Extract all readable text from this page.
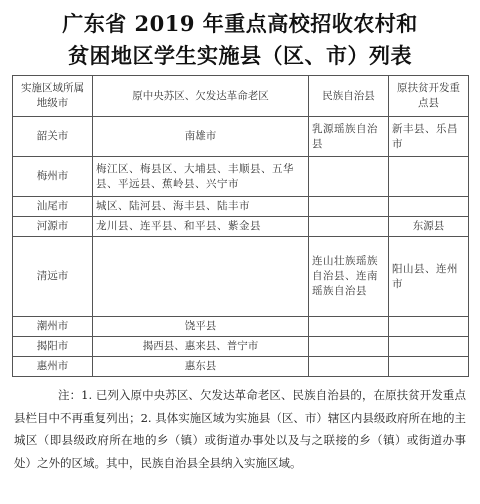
广东省 2019 年重点高校招收农村和
贫困地区学生实施县（区、市）列表
实施区域所属地级市	原中央苏区、欠发达革命老区	民族自治县	原扶贫开发重点县
韶关市	南雄市	乳源瑶族自治县	新丰县、乐昌市
梅州市	梅江区、梅县区、大埔县、丰顺县、五华县、平远县、蕉岭县、兴宁市		
汕尾市	城区、陆河县、海丰县、陆丰市		
河源市	龙川县、连平县、和平县、紫金县		东源县
清远市		连山壮族瑶族自治县、连南瑶族自治县	阳山县、连州市
潮州市	饶平县		
揭阳市	揭西县、惠来县、普宁市		
惠州市	惠东县		
注：1. 已列入原中央苏区、欠发达革命老区、民族自治县的，在原扶贫开发重点县栏目中不再重复列出；2. 具体实施区域为实施县（区、市）辖区内县级政府所在地的主城区（即县级政府所在地的乡（镇）或街道办事处以及与之联接的乡（镇）或街道办事处）之外的区域。其中，民族自治县全县纳入实施区域。
